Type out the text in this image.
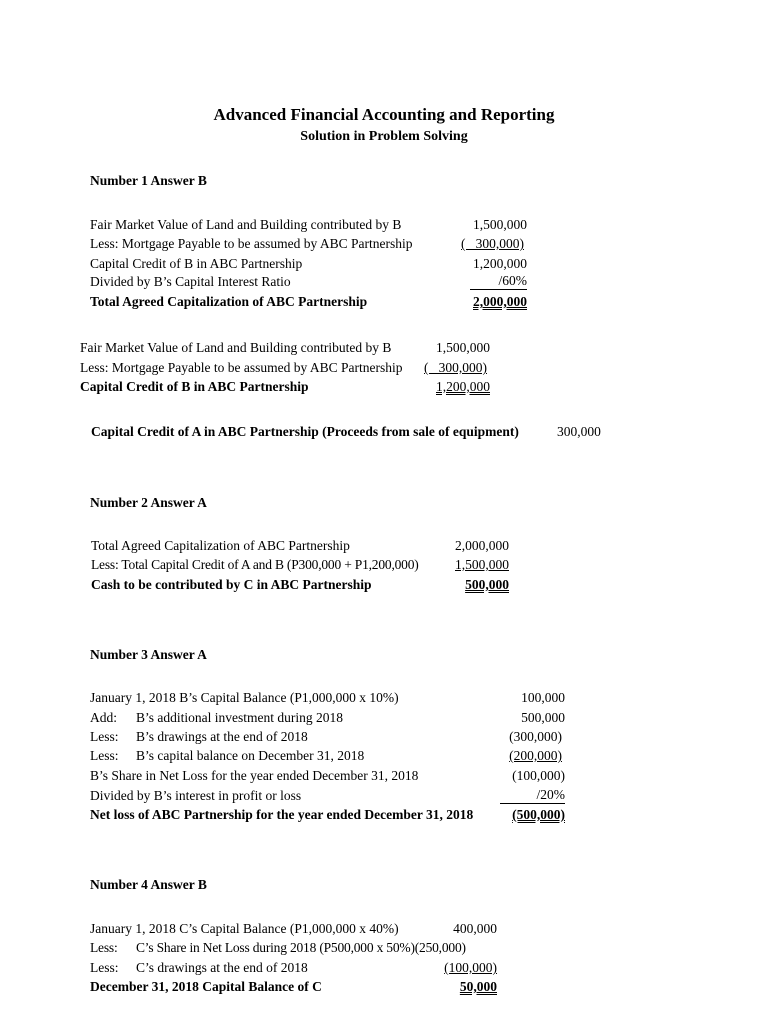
Advanced Financial Accounting and Reporting
Solution in Problem Solving
Number 1 Answer B
Fair Market Value of Land and Building contributed by B	1,500,000
Less: Mortgage Payable to be assumed by ABC Partnership	(   300,000)
Capital Credit of B in ABC Partnership	1,200,000
Divided by B’s Capital Interest Ratio	/60%
Total Agreed Capitalization of ABC Partnership	2,000,000
Fair Market Value of Land and Building contributed by B	1,500,000
Less: Mortgage Payable to be assumed by ABC Partnership (   300,000)
Capital Credit of B in ABC Partnership	1,200,000
Capital Credit of A in ABC Partnership (Proceeds from sale of equipment)	300,000
Number 2 Answer A
Total Agreed Capitalization of ABC Partnership	2,000,000
Less: Total Capital Credit of A and B (P300,000 + P1,200,000)	1,500,000
Cash to be contributed by C in ABC Partnership	500,000
Number 3 Answer A
January 1, 2018 B’s Capital Balance (P1,000,000 x 10%)	100,000
Add: B’s additional investment during 2018	500,000
Less: B’s drawings at the end of 2018	(300,000)
Less: B’s capital balance on December 31, 2018	(200,000)
B’s Share in Net Loss for the year ended December 31, 2018	(100,000)
Divided by B’s interest in profit or loss	/20%
Net loss of ABC Partnership for the year ended December 31, 2018	(500,000)
Number 4 Answer B
January 1, 2018 C’s Capital Balance (P1,000,000 x 40%)	400,000
Less: C’s Share in Net Loss during 2018 (P500,000 x 50%)(250,000)
Less: C’s drawings at the end of 2018	(100,000)
December 31, 2018 Capital Balance of C	50,000
